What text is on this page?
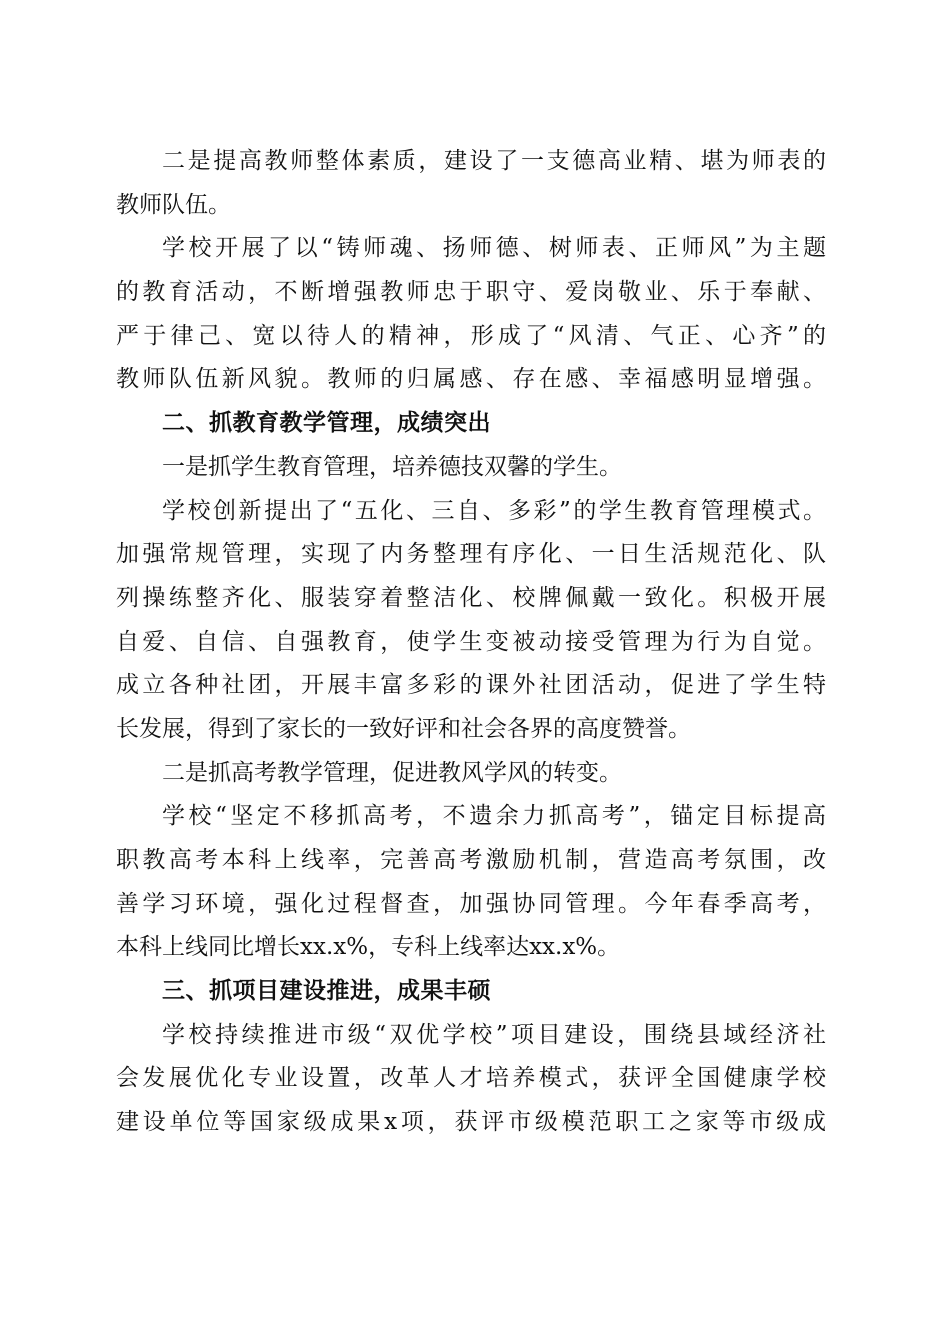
二是提高教师整体素质，建设了一支德高业精、堪为师表的
教师队伍。
学校开展了以“铸师魂、扬师德、树师表、正师风”为主题
的教育活动，不断增强教师忠于职守、爱岗敬业、乐于奉献、
严于律己、宽以待人的精神，形成了“风清、气正、心齐”的
教师队伍新风貌。教师的归属感、存在感、幸福感明显增强。
二、抓教育教学管理，成绩突出
一是抓学生教育管理，培养德技双馨的学生。
学校创新提出了“五化、三自、多彩”的学生教育管理模式。
加强常规管理，实现了内务整理有序化、一日生活规范化、队
列操练整齐化、服装穿着整洁化、校牌佩戴一致化。积极开展
自爱、自信、自强教育，使学生变被动接受管理为行为自觉。
成立各种社团，开展丰富多彩的课外社团活动，促进了学生特
长发展，得到了家长的一致好评和社会各界的高度赞誉。
二是抓高考教学管理，促进教风学风的转变。
学校“坚定不移抓高考，不遗余力抓高考”，锚定目标提高
职教高考本科上线率，完善高考激励机制，营造高考氛围，改
善学习环境，强化过程督查，加强协同管理。今年春季高考，
本科上线同比增长xx.x%，专科上线率达xx.x%。
三、抓项目建设推进，成果丰硕
学校持续推进市级“双优学校”项目建设，围绕县域经济社
会发展优化专业设置，改革人才培养模式，获评全国健康学校
建设单位等国家级成果x项，获评市级模范职工之家等市级成
